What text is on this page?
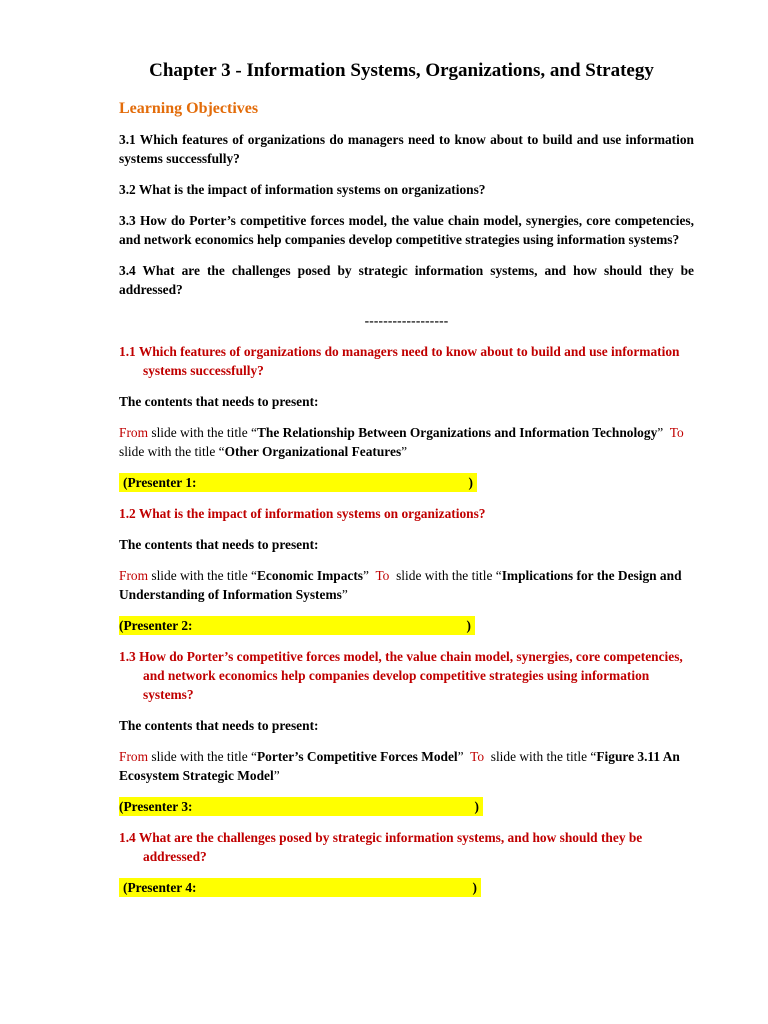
Chapter 3 - Information Systems, Organizations, and Strategy
Learning Objectives
3.1 Which features of organizations do managers need to know about to build and use information systems successfully?
3.2 What is the impact of information systems on organizations?
3.3 How do Porter’s competitive forces model, the value chain model, synergies, core competencies, and network economics help companies develop competitive strategies using information systems?
3.4 What are the challenges posed by strategic information systems, and how should they be addressed?
------------------
1.1 Which features of organizations do managers need to know about to build and use information systems successfully?
The contents that needs to present:
From slide with the title “The Relationship Between Organizations and Information Technology” To  slide with the title “Other Organizational Features”
(Presenter 1:	)
1.2 What is the impact of information systems on organizations?
The contents that needs to present:
From slide with the title “Economic Impacts” To  slide with the title “Implications for the Design and Understanding of Information Systems”
(Presenter 2:	)
1.3 How do Porter’s competitive forces model, the value chain model, synergies, core competencies, and network economics help companies develop competitive strategies using information systems?
The contents that needs to present:
From slide with the title “Porter’s Competitive Forces Model” To  slide with the title “Figure 3.11 An Ecosystem Strategic Model”
(Presenter 3:	)
1.4 What are the challenges posed by strategic information systems, and how should they be addressed?
(Presenter 4:	)
